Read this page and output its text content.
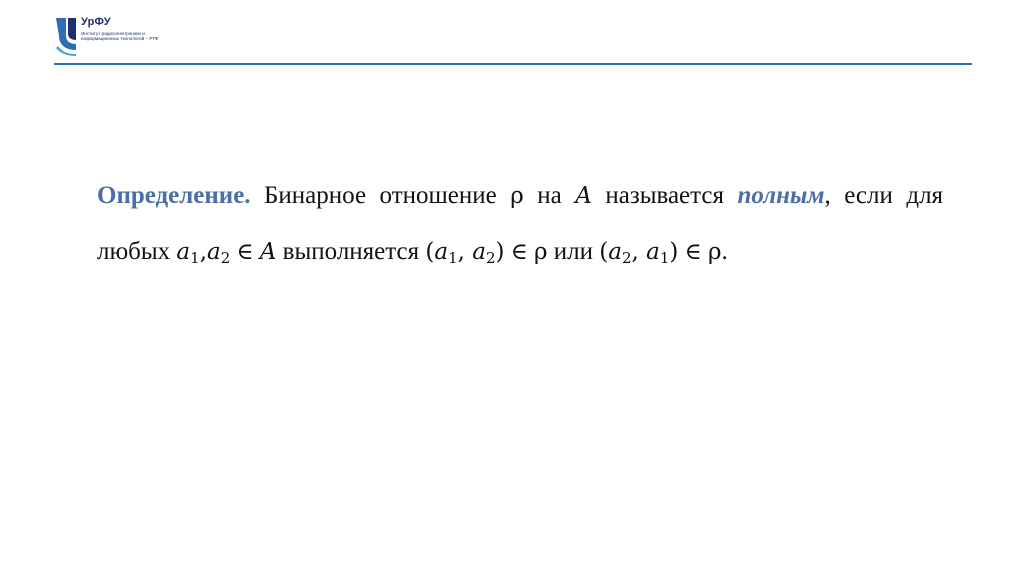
УрФУ
Институт радиоэлектроники и информационных технологий – РТФ
Определение. Бинарное отношение ρ на A называется полным, если для любых $a_1,a_2$ ∈ A выполняется ($a_1$, $a_2$) ∈ ρ или ($a_2$, $a_1$) ∈ ρ.
